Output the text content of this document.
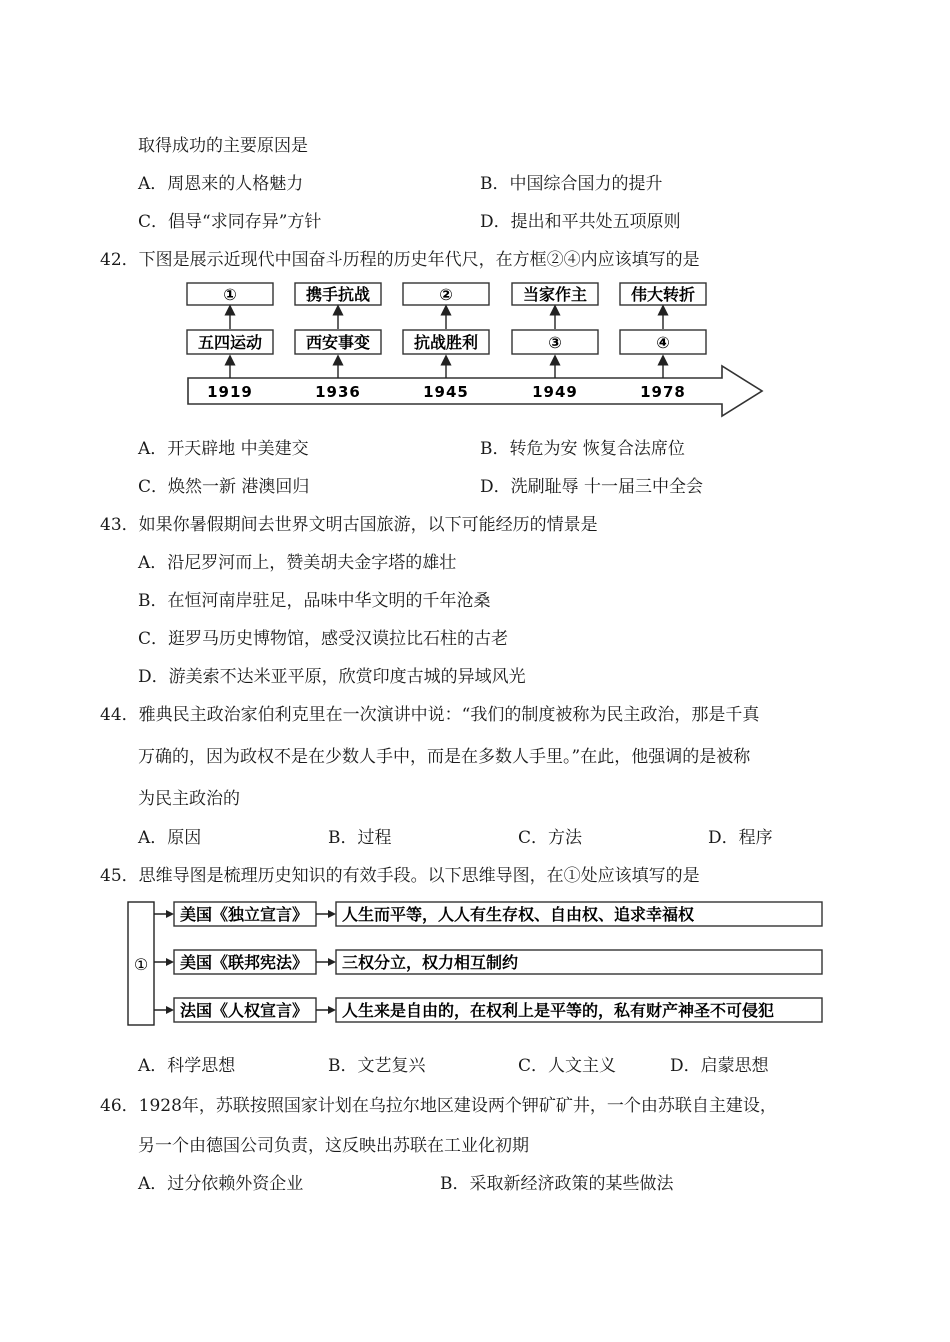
取得成功的主要原因是
A．周恩来的人格魅力	B．中国综合国力的提升
C．倡导“求同存异”方针	D．提出和平共处五项原则
42．下图是展示近现代中国奋斗历程的历史年代尺，在方框②④内应该填写的是
①
五四运动
1919
携手抗战
西安事变
1936
②
抗战胜利
1945
当家作主
③
1949
伟大转折
④
1978
A．开天辟地 中美建交	B．转危为安 恢复合法席位
C．焕然一新 港澳回归	D．洗刷耻辱 十一届三中全会
43．如果你暑假期间去世界文明古国旅游，以下可能经历的情景是
A．沿尼罗河而上，赞美胡夫金字塔的雄壮
B．在恒河南岸驻足，品味中华文明的千年沧桑
C．逛罗马历史博物馆，感受汉谟拉比石柱的古老
D．游美索不达米亚平原，欣赏印度古城的异域风光
44．雅典民主政治家伯利克里在一次演讲中说：“我们的制度被称为民主政治，那是千真
万确的，因为政权不是在少数人手中，而是在多数人手里。”在此，他强调的是被称
为民主政治的
A．原因	B．过程	C．方法	D．程序
45．思维导图是梳理历史知识的有效手段。以下思维导图，在①处应该填写的是
①
美国《独立宣言》 人生而平等，人人有生存权、自由权、追求幸福权
美国《联邦宪法》 三权分立，权力相互制约
法国《人权宣言》 人生来是自由的，在权利上是平等的，私有财产神圣不可侵犯
A．科学思想	B．文艺复兴	C．人文主义	D．启蒙思想
46．1928年，苏联按照国家计划在乌拉尔地区建设两个钾矿矿井，一个由苏联自主建设，
另一个由德国公司负责，这反映出苏联在工业化初期
A．过分依赖外资企业	B．采取新经济政策的某些做法
